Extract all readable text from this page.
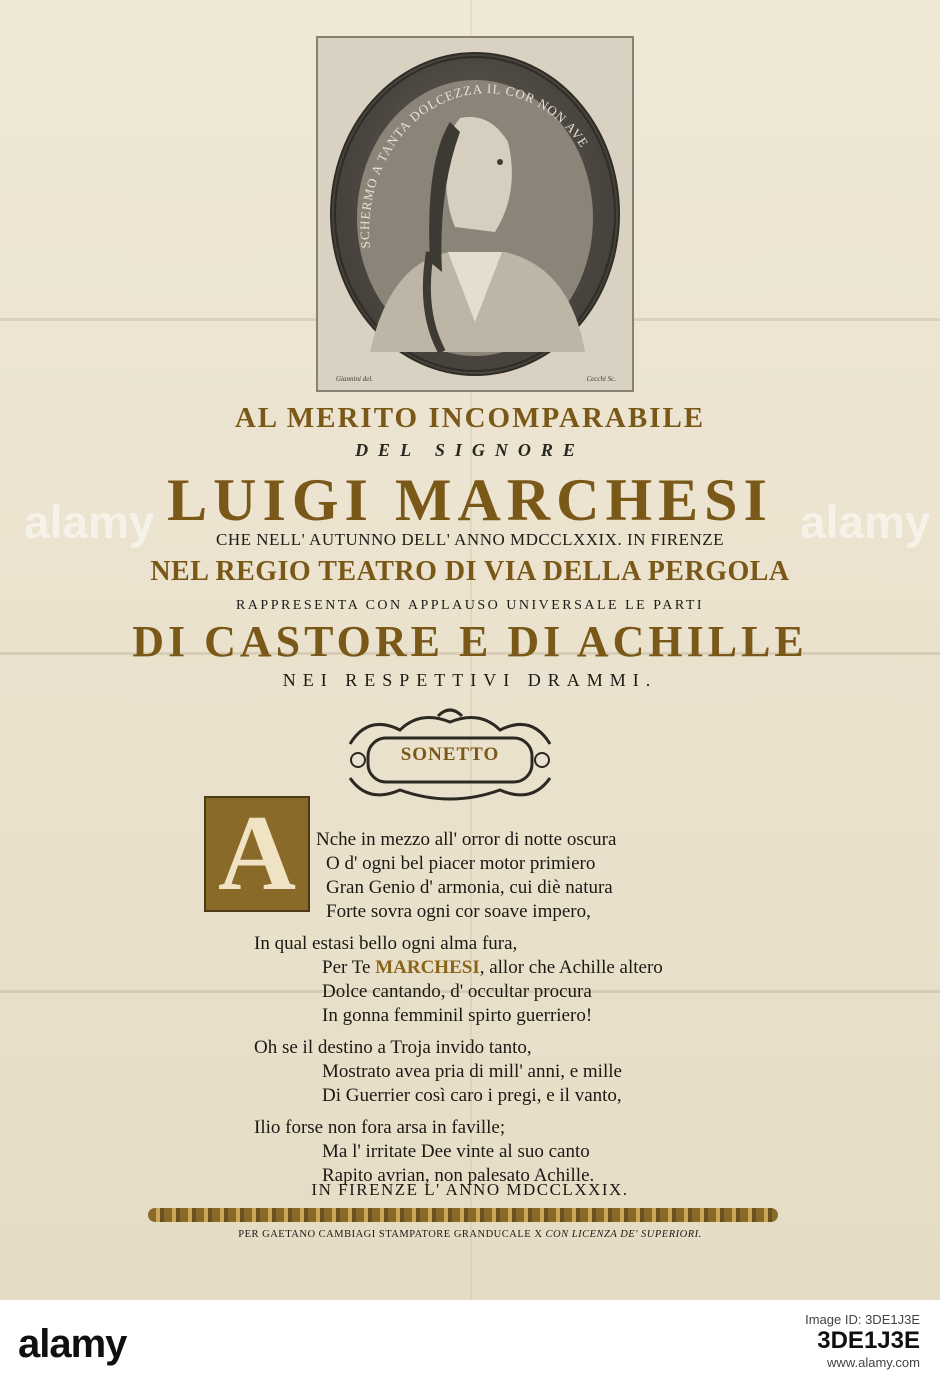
SCHERMO A TANTA DOLCEZZA IL COR NON AVE
Giannini del.	Cecchi Sc.
AL MERITO INCOMPARABILE
DEL SIGNORE
LUIGI MARCHESI
CHE NELL' AUTUNNO DELL' ANNO MDCCLXXIX. IN FIRENZE
NEL REGIO TEATRO DI VIA DELLA PERGOLA
RAPPRESENTA CON APPLAUSO UNIVERSALE LE PARTI
DI CASTORE E DI ACHILLE
NEI RESPETTIVI DRAMMI.
SONETTO
A	Nche in mezzo all' orror di notte oscura
O d' ogni bel piacer motor primiero
Gran Genio d' armonia, cui diè natura
Forte sovra ogni cor soave impero,
In qual estasi bello ogni alma fura,
Per Te MARCHESI, allor che Achille altero
Dolce cantando, d' occultar procura
In gonna femminil spirto guerriero!
Oh se il destino a Troja invido tanto,
Mostrato avea pria di mill' anni, e mille
Di Guerrier così caro i pregi, e il vanto,
Ilio forse non fora arsa in faville;
Ma l' irritate Dee vinte al suo canto
Rapito avrian, non palesato Achille.
IN FIRENZE L' ANNO MDCCLXXIX.
PER GAETANO CAMBIAGI STAMPATORE GRANDUCALE X CON LICENZA DE' SUPERIORI.
alamy	alamy
alamy
Image ID: 3DE1J3E
3DE1J3E
www.alamy.com
